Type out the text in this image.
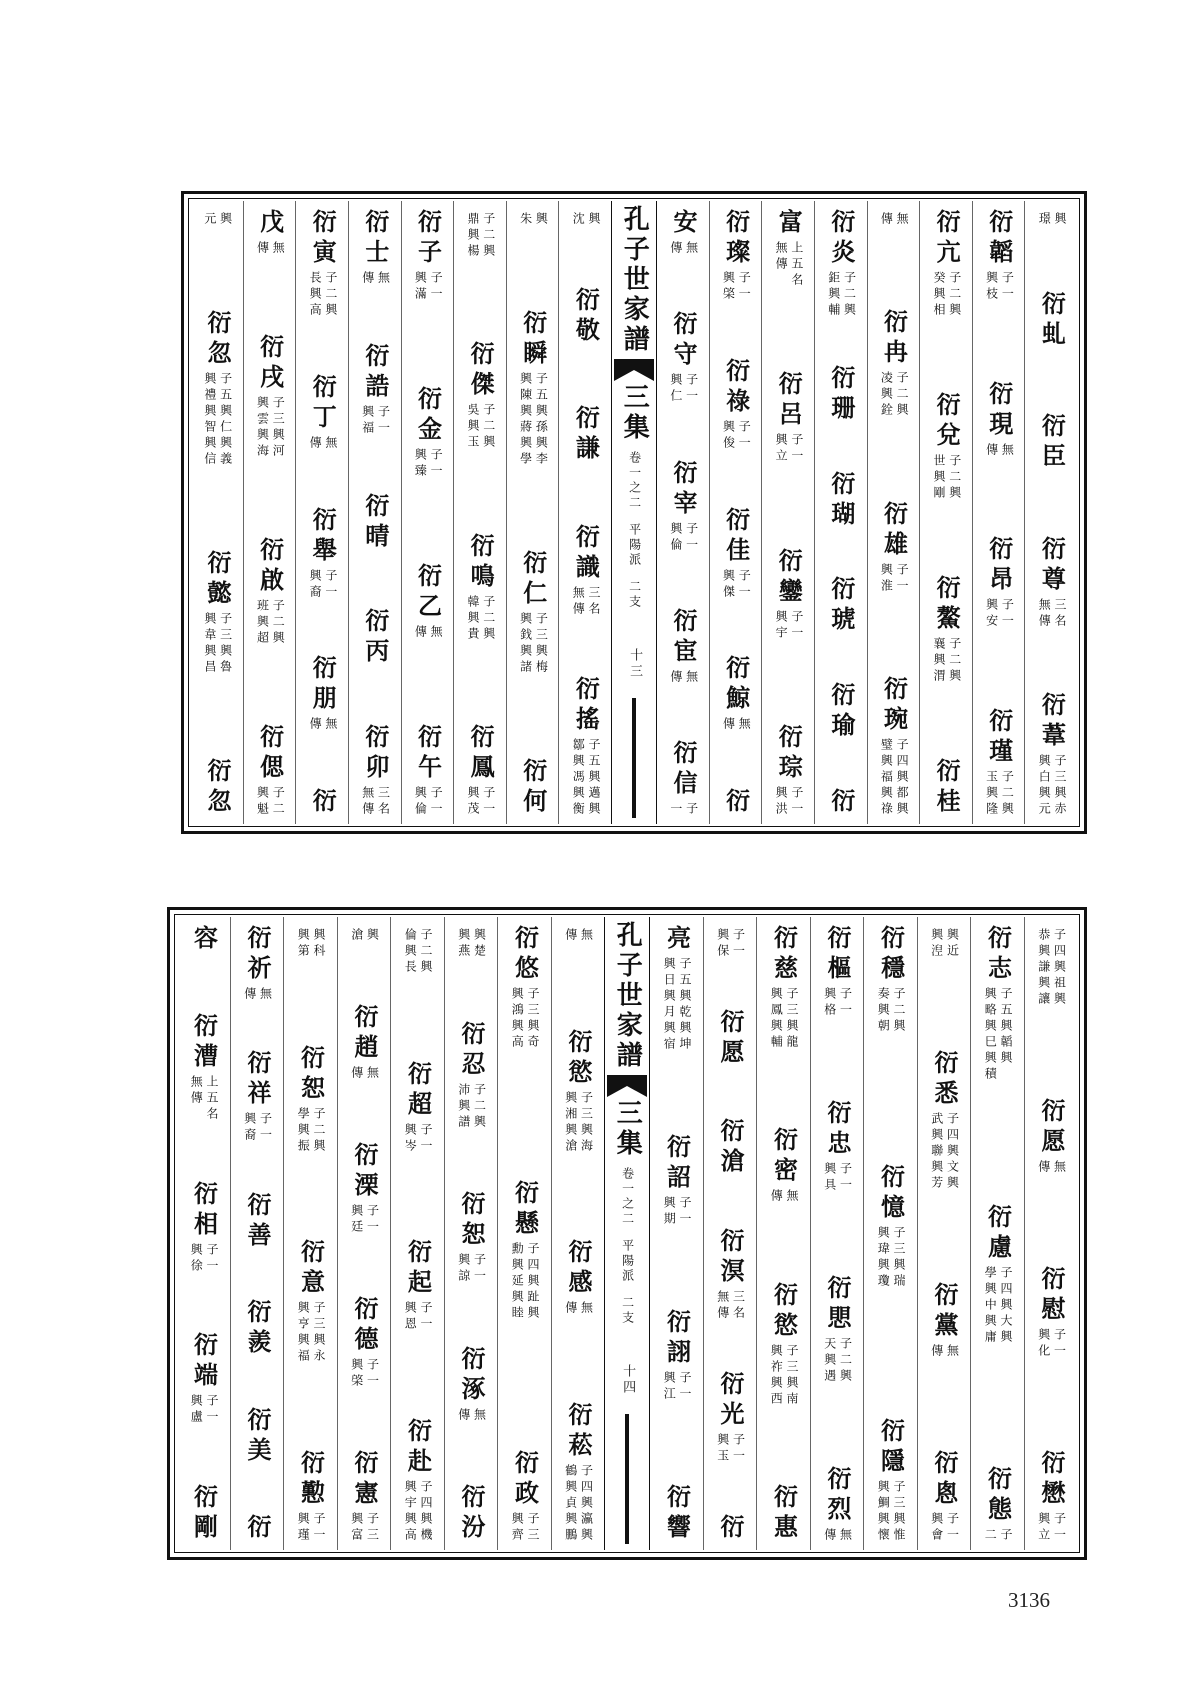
興
璟
衍虬
衍臣
衍尊
三名
無傳
衍葦
子三興赤
興白興元
衍韜
子一
興枝
衍現
無
傳
衍昂
子一
興安
衍瑾
子二興
玉興隆
衍亢
子二興
癸興相
衍兌
子二興
世興剛
衍鰲
子二興
襄興渭
衍桂
無
傳
衍冉
子二興
凌興銓
衍雄
子一
興淮
衍琬
子四興都興
璧興福興祿
衍炎
子二興
鉅興輔
衍珊
衍瑚
衍琥
衍瑜
衍
富
上五名
無傳
衍呂
子一
興立
衍鑾
子一
興宇
衍琮
子一
興洪
衍璨
子一
興棨
衍祿
子一
興俊
衍佳
子一
興傑
衍鯨
無
傳
衍
安
無
傳
衍守
子一
興仁
衍宰
子一
興倫
衍宦
無
傳
衍信
子
一
孔子世家譜
三集
卷一之二
平陽派
二支
十三
興
沈
衍敬
衍謙
衍識
三名
無傳
衍搖
子五興邁興
鄒興馮興衡
興
朱
衍瞬
子五興孫興李
興陳興蔣興學
衍仁
子三興梅
興鈛興諸
衍何
子二興
鼎興楊
衍傑
子二興
吳興玉
衍鳴
子二興
韓興貴
衍鳳
子一
興茂
衍子
子一
興滿
衍金
子一
興臻
衍乙
無
傳
衍午
子一
興倫
衍士
無
傳
衍誥
子一
興福
衍晴
衍丙
衍卯
三名
無傳
衍寅
子二興
長興高
衍丁
無
傳
衍舉
子一
興裔
衍朋
無
傳
衍
戊
無
傳
衍戌
子三興河
興雲興海
衍啟
子二興
班興超
衍偲
子二
興魁
興
元
衍忽
子五興仁興義
興禮興智興信
衍懿
子三興魯
興韋興昌
衍忽
子四興祖興
恭興謙興讓
衍愿
無
傳
衍慰
子一
興化
衍懋
子一
興立
衍志
子五興韜興
興略興巳興積
衍慮
子四興大興
學興中興庸
衍態
子
二
興近
興湼
衍悉
子四興文興
武興聯興芳
衍黨
無
傳
衍悤
子一
興會
衍穩
子二興
奏興朝
衍憶
子三興瑞
興瑋興瓊
衍隱
子三興惟
興鯛興懷
衍樞
子一
興格
衍忠
子一
興具
衍愳
子二興
天興遇
衍烈
無
傳
衍慈
子三興龍
興鳳興輔
衍密
無
傳
衍慾
子三興南
興祚興西
衍惠
子一
興保
衍愿
衍滄
衍溟
三名
無傳
衍光
子一
興玉
衍
亮
子五興乾興坤
興日興月興宿
衍詔
子一
興期
衍詡
子一
興江
衍響
孔子世家譜
三集
卷一之二
平陽派
二支
十四
無
傳
衍慾
子三興海
興湘興滄
衍感
無
傳
衍菘
子四興瀛興
鶴興貞興鵬
衍悠
子三興奇
興鴻興高
衍懸
子四興趾興
勳興延興睦
衍政
子三
興齊
興楚
興燕
衍忍
子二興
沛興譜
衍恕
子一
興諒
衍涿
無
傳
衍汾
子二興
倫興長
衍超
子一
興岑
衍起
子一
興恩
衍赴
子四興機
興宇興高
興
滄
衍趙
無
傳
衍溧
子一
興廷
衍德
子一
興棨
衍憲
子三
興富
興科
興第
衍恕
子二興
學興振
衍意
子三興永
興亨興福
衍懃
子一
興瑾
衍祈
無
傳
衍祥
子一
興裔
衍善
衍羨
衍美
衍
容
衍漕
上五名
無傳
衍相
子一
興徐
衍端
子一
興盧
衍剛
3136
